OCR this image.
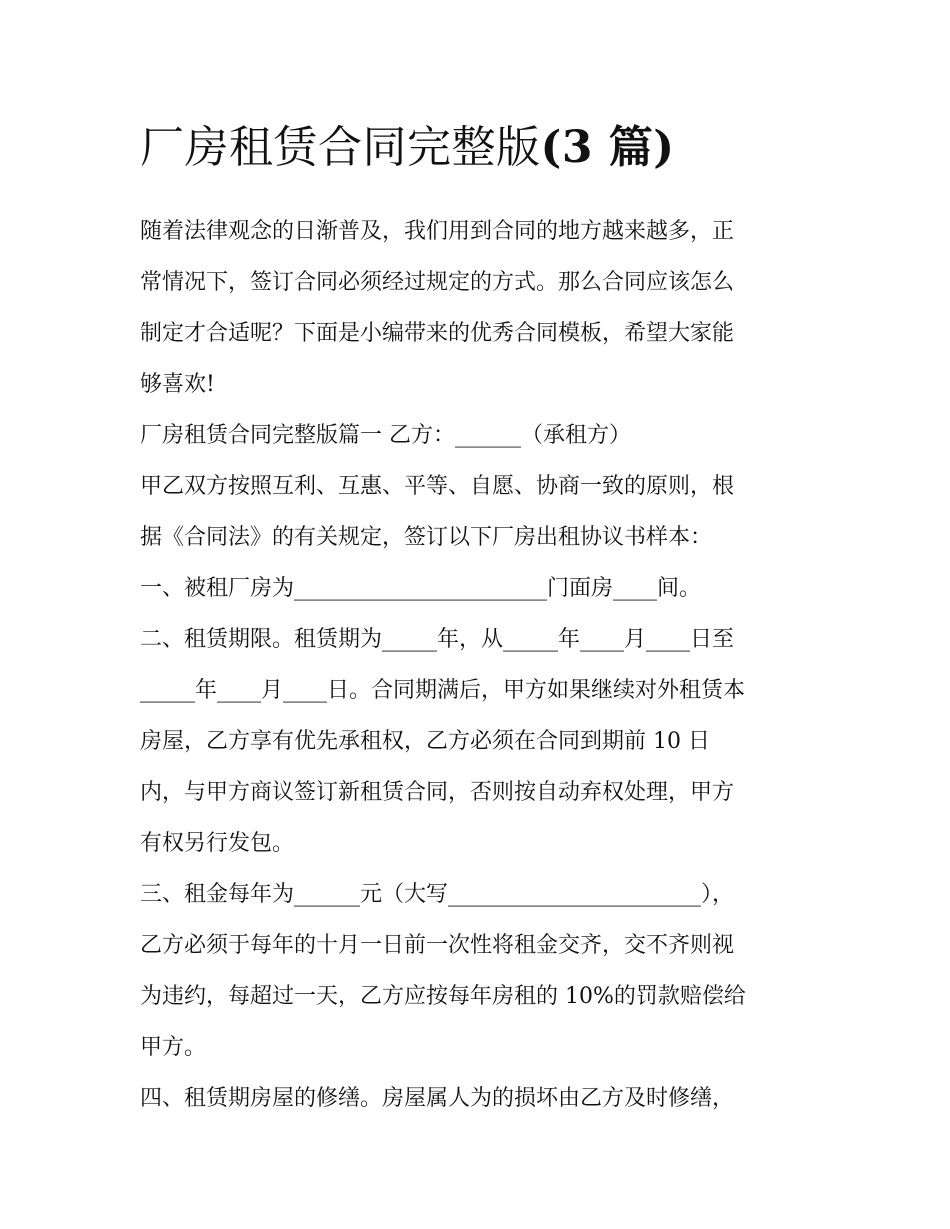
厂房租赁合同完整版(3 篇)

随着法律观念的日渐普及，我们用到合同的地方越来越多，正

常情况下，签订合同必须经过规定的方式。那么合同应该怎么

制定才合适呢？下面是小编带来的优秀合同模板，希望大家能

够喜欢!

厂房租赁合同完整版篇一 乙方：______（承租方）

甲乙双方按照互利、互惠、平等、自愿、协商一致的原则，根

据《合同法》的有关规定，签订以下厂房出租协议书样本：

一、被租厂房为_______________________门面房____间。

二、租赁期限。租赁期为_____年，从_____年____月____日至

_____年____月____日。合同期满后，甲方如果继续对外租赁本

房屋，乙方享有优先承租权，乙方必须在合同到期前 10 日

内，与甲方商议签订新租赁合同，否则按自动弃权处理，甲方

有权另行发包。

三、租金每年为______元（大写_______________________），

乙方必须于每年的十月一日前一次性将租金交齐，交不齐则视

为违约，每超过一天，乙方应按每年房租的 10%的罚款赔偿给

甲方。

四、租赁期房屋的修缮。房屋属人为的损坏由乙方及时修缮，
